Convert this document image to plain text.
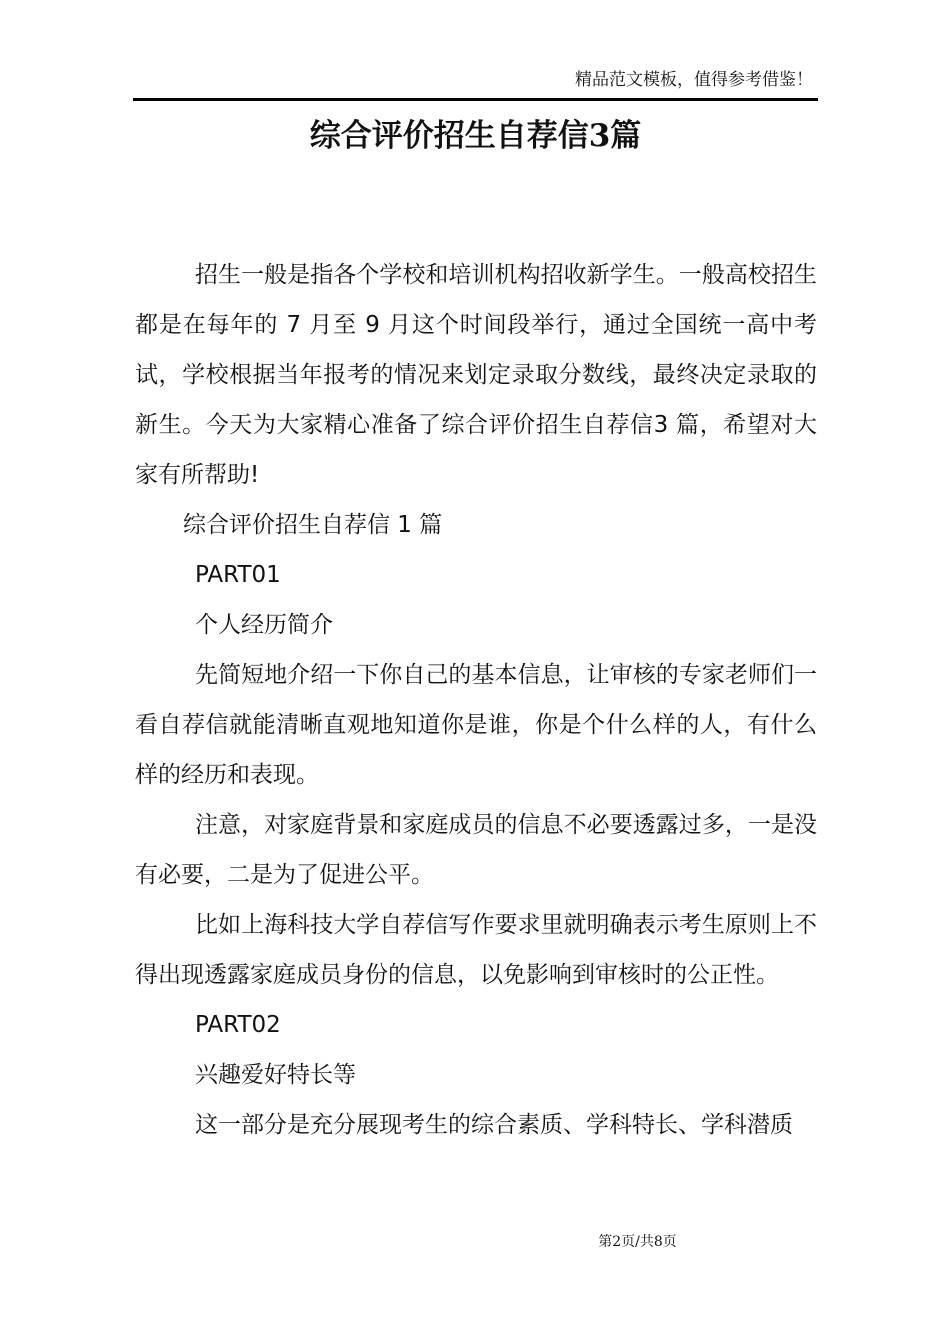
精品范文模板，值得参考借鉴！
综合评价招生自荐信3篇

招生一般是指各个学校和培训机构招收新学生。一般高校招生都是在每年的 7 月至 9 月这个时间段举行，通过全国统一高中考试，学校根据当年报考的情况来划定录取分数线，最终决定录取的新生。今天为大家精心准备了综合评价招生自荐信3 篇，希望对大家有所帮助!

综合评价招生自荐信 1 篇

PART01

个人经历简介

先简短地介绍一下你自己的基本信息，让审核的专家老师们一看自荐信就能清晰直观地知道你是谁，你是个什么样的人，有什么样的经历和表现。

注意，对家庭背景和家庭成员的信息不必要透露过多，一是没有必要，二是为了促进公平。

比如上海科技大学自荐信写作要求里就明确表示考生原则上不得出现透露家庭成员身份的信息，以免影响到审核时的公正性。

PART02

兴趣爱好特长等

这一部分是充分展现考生的综合素质、学科特长、学科潜质

第2页/共8页
